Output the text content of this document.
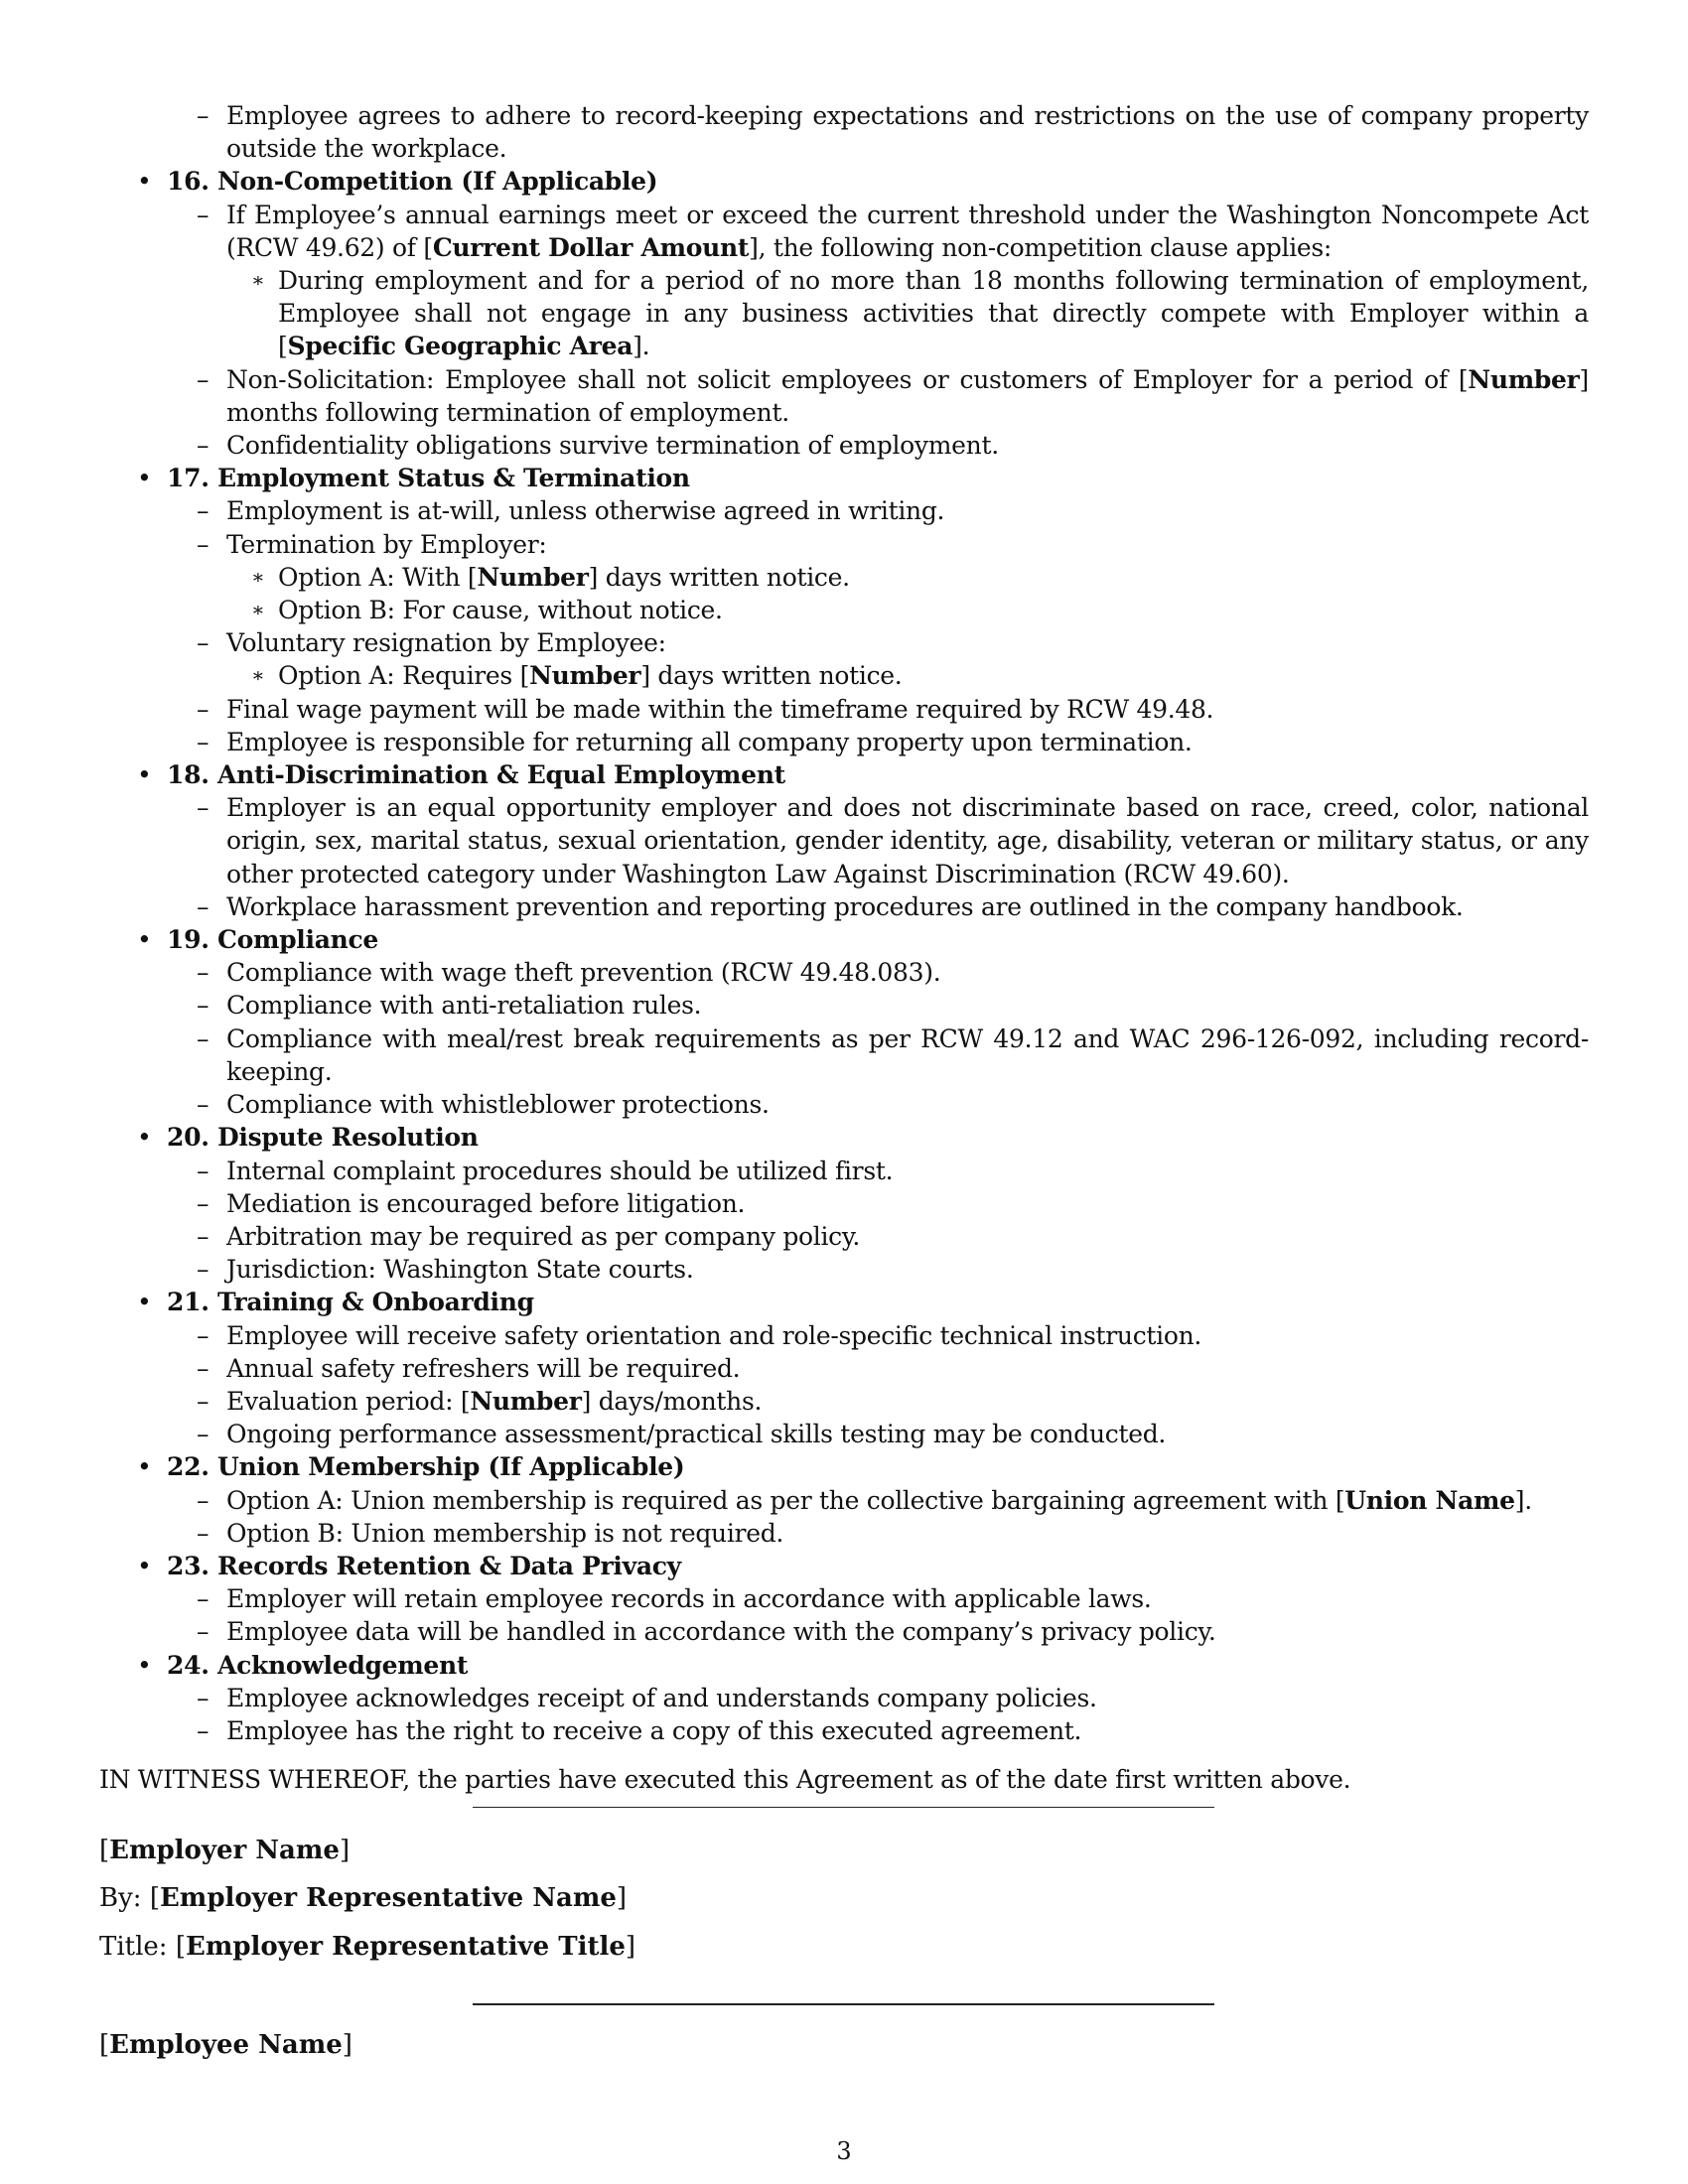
– Employee agrees to adhere to record-keeping expectations and restrictions on the use of company property outside the workplace.
• 16. Non-Competition (If Applicable)
– If Employee’s annual earnings meet or exceed the current threshold under the Washington Noncompete Act (RCW 49.62) of [Current Dollar Amount], the following non-competition clause applies:
∗ During employment and for a period of no more than 18 months following termination of employment, Employee shall not engage in any business activities that directly compete with Employer within a [Specific Geographic Area].
– Non-Solicitation: Employee shall not solicit employees or customers of Employer for a period of [Number] months following termination of employment.
– Confidentiality obligations survive termination of employment.
• 17. Employment Status & Termination
– Employment is at-will, unless otherwise agreed in writing.
– Termination by Employer:
∗ Option A: With [Number] days written notice.
∗ Option B: For cause, without notice.
– Voluntary resignation by Employee:
∗ Option A: Requires [Number] days written notice.
– Final wage payment will be made within the timeframe required by RCW 49.48.
– Employee is responsible for returning all company property upon termination.
• 18. Anti-Discrimination & Equal Employment
– Employer is an equal opportunity employer and does not discriminate based on race, creed, color, national origin, sex, marital status, sexual orientation, gender identity, age, disability, veteran or military status, or any other protected category under Washington Law Against Discrimination (RCW 49.60).
– Workplace harassment prevention and reporting procedures are outlined in the company handbook.
• 19. Compliance
– Compliance with wage theft prevention (RCW 49.48.083).
– Compliance with anti-retaliation rules.
– Compliance with meal/rest break requirements as per RCW 49.12 and WAC 296-126-092, including record-keeping.
– Compliance with whistleblower protections.
• 20. Dispute Resolution
– Internal complaint procedures should be utilized first.
– Mediation is encouraged before litigation.
– Arbitration may be required as per company policy.
– Jurisdiction: Washington State courts.
• 21. Training & Onboarding
– Employee will receive safety orientation and role-specific technical instruction.
– Annual safety refreshers will be required.
– Evaluation period: [Number] days/months.
– Ongoing performance assessment/practical skills testing may be conducted.
• 22. Union Membership (If Applicable)
– Option A: Union membership is required as per the collective bargaining agreement with [Union Name].
– Option B: Union membership is not required.
• 23. Records Retention & Data Privacy
– Employer will retain employee records in accordance with applicable laws.
– Employee data will be handled in accordance with the company’s privacy policy.
• 24. Acknowledgement
– Employee acknowledges receipt of and understands company policies.
– Employee has the right to receive a copy of this executed agreement.
IN WITNESS WHEREOF, the parties have executed this Agreement as of the date first written above.
[Employer Name]
By: [Employer Representative Name]
Title: [Employer Representative Title]
[Employee Name]
3
